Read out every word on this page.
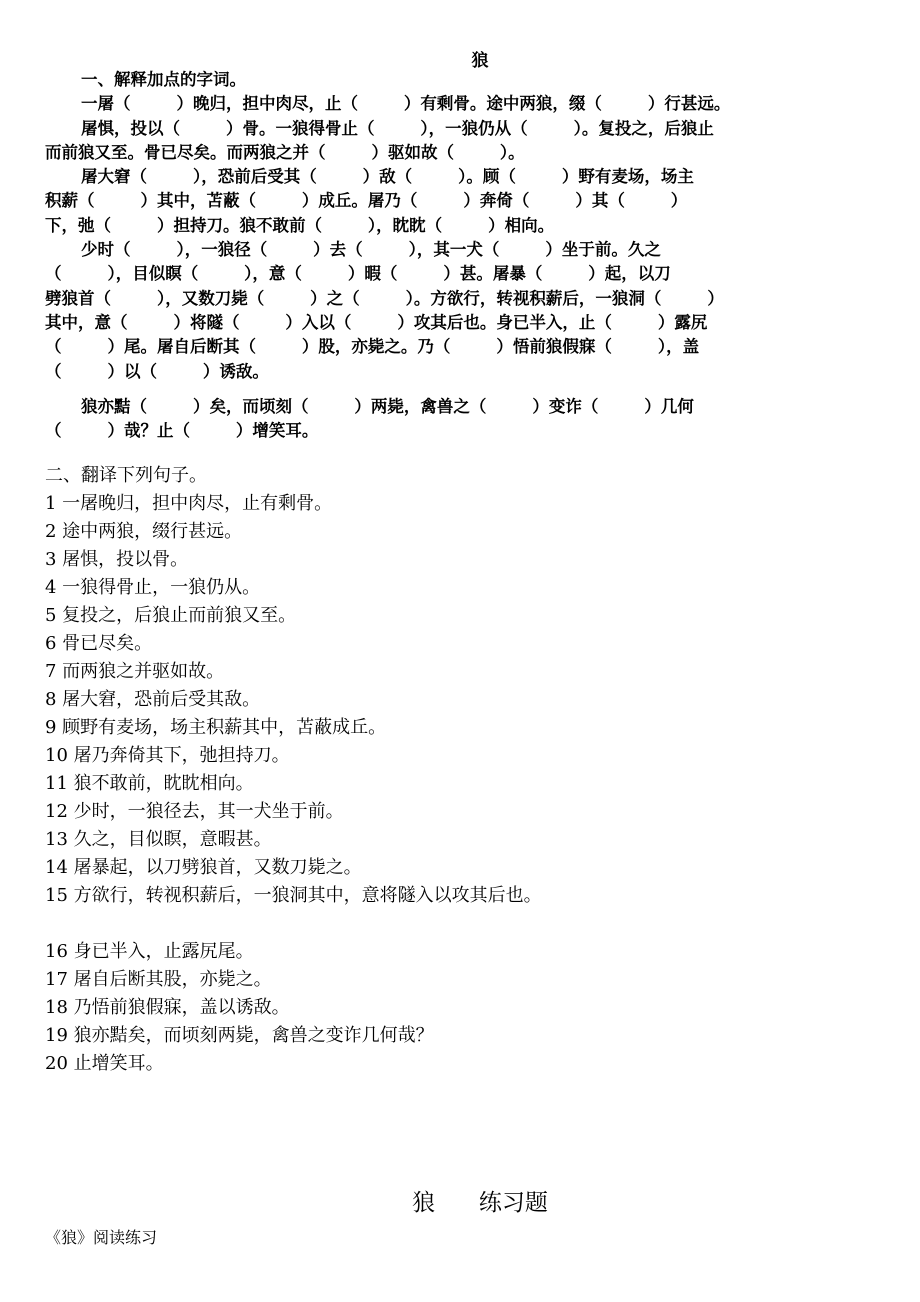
狼

一、解释加点的字词。

一屠（        ）晚归，担中肉尽，止（        ）有剩骨。途中两狼，缀（        ）行甚远。

屠惧，投以（        ）骨。一狼得骨止（        ），一狼仍从（        ）。复投之，后狼止

而前狼又至。骨已尽矣。而两狼之并（        ）驱如故（        ）。

屠大窘（        ），恐前后受其（        ）敌（        ）。顾（        ）野有麦场，场主

积薪（        ）其中，苫蔽（        ）成丘。屠乃（        ）奔倚（        ）其（        ）

下，弛（        ）担持刀。狼不敢前（        ），眈眈（        ）相向。

少时（        ），一狼径（        ）去（        ），其一犬（        ）坐于前。久之

（        ），目似瞑（        ），意（        ）暇（        ）甚。屠暴（        ）起，以刀

劈狼首（        ），又数刀毙（        ）之（        ）。方欲行，转视积薪后，一狼洞（        ）

其中，意（        ）将隧（        ）入以（        ）攻其后也。身已半入，止（        ）露尻

（        ）尾。屠自后断其（        ）股，亦毙之。乃（        ）悟前狼假寐（        ），盖

（        ）以（        ）诱敌。

狼亦黠（        ）矣，而顷刻（        ）两毙，禽兽之（        ）变诈（        ）几何

（        ）哉？止（        ）增笑耳。

二、翻译下列句子。

1 一屠晚归，担中肉尽，止有剩骨。

2 途中两狼，缀行甚远。

3 屠惧，投以骨。

4 一狼得骨止，一狼仍从。

5 复投之，后狼止而前狼又至。

6 骨已尽矣。

7 而两狼之并驱如故。

8 屠大窘，恐前后受其敌。

9 顾野有麦场，场主积薪其中，苫蔽成丘。

10 屠乃奔倚其下，弛担持刀。

11 狼不敢前，眈眈相向。

12 少时，一狼径去，其一犬坐于前。

13 久之，目似瞑，意暇甚。

14 屠暴起，以刀劈狼首，又数刀毙之。

15 方欲行，转视积薪后，一狼洞其中，意将隧入以攻其后也。

16 身已半入，止露尻尾。

17 屠自后断其股，亦毙之。

18 乃悟前狼假寐，盖以诱敌。

19 狼亦黠矣，而顷刻两毙，禽兽之变诈几何哉？

20 止增笑耳。

狼      练习题
《狼》阅读练习
